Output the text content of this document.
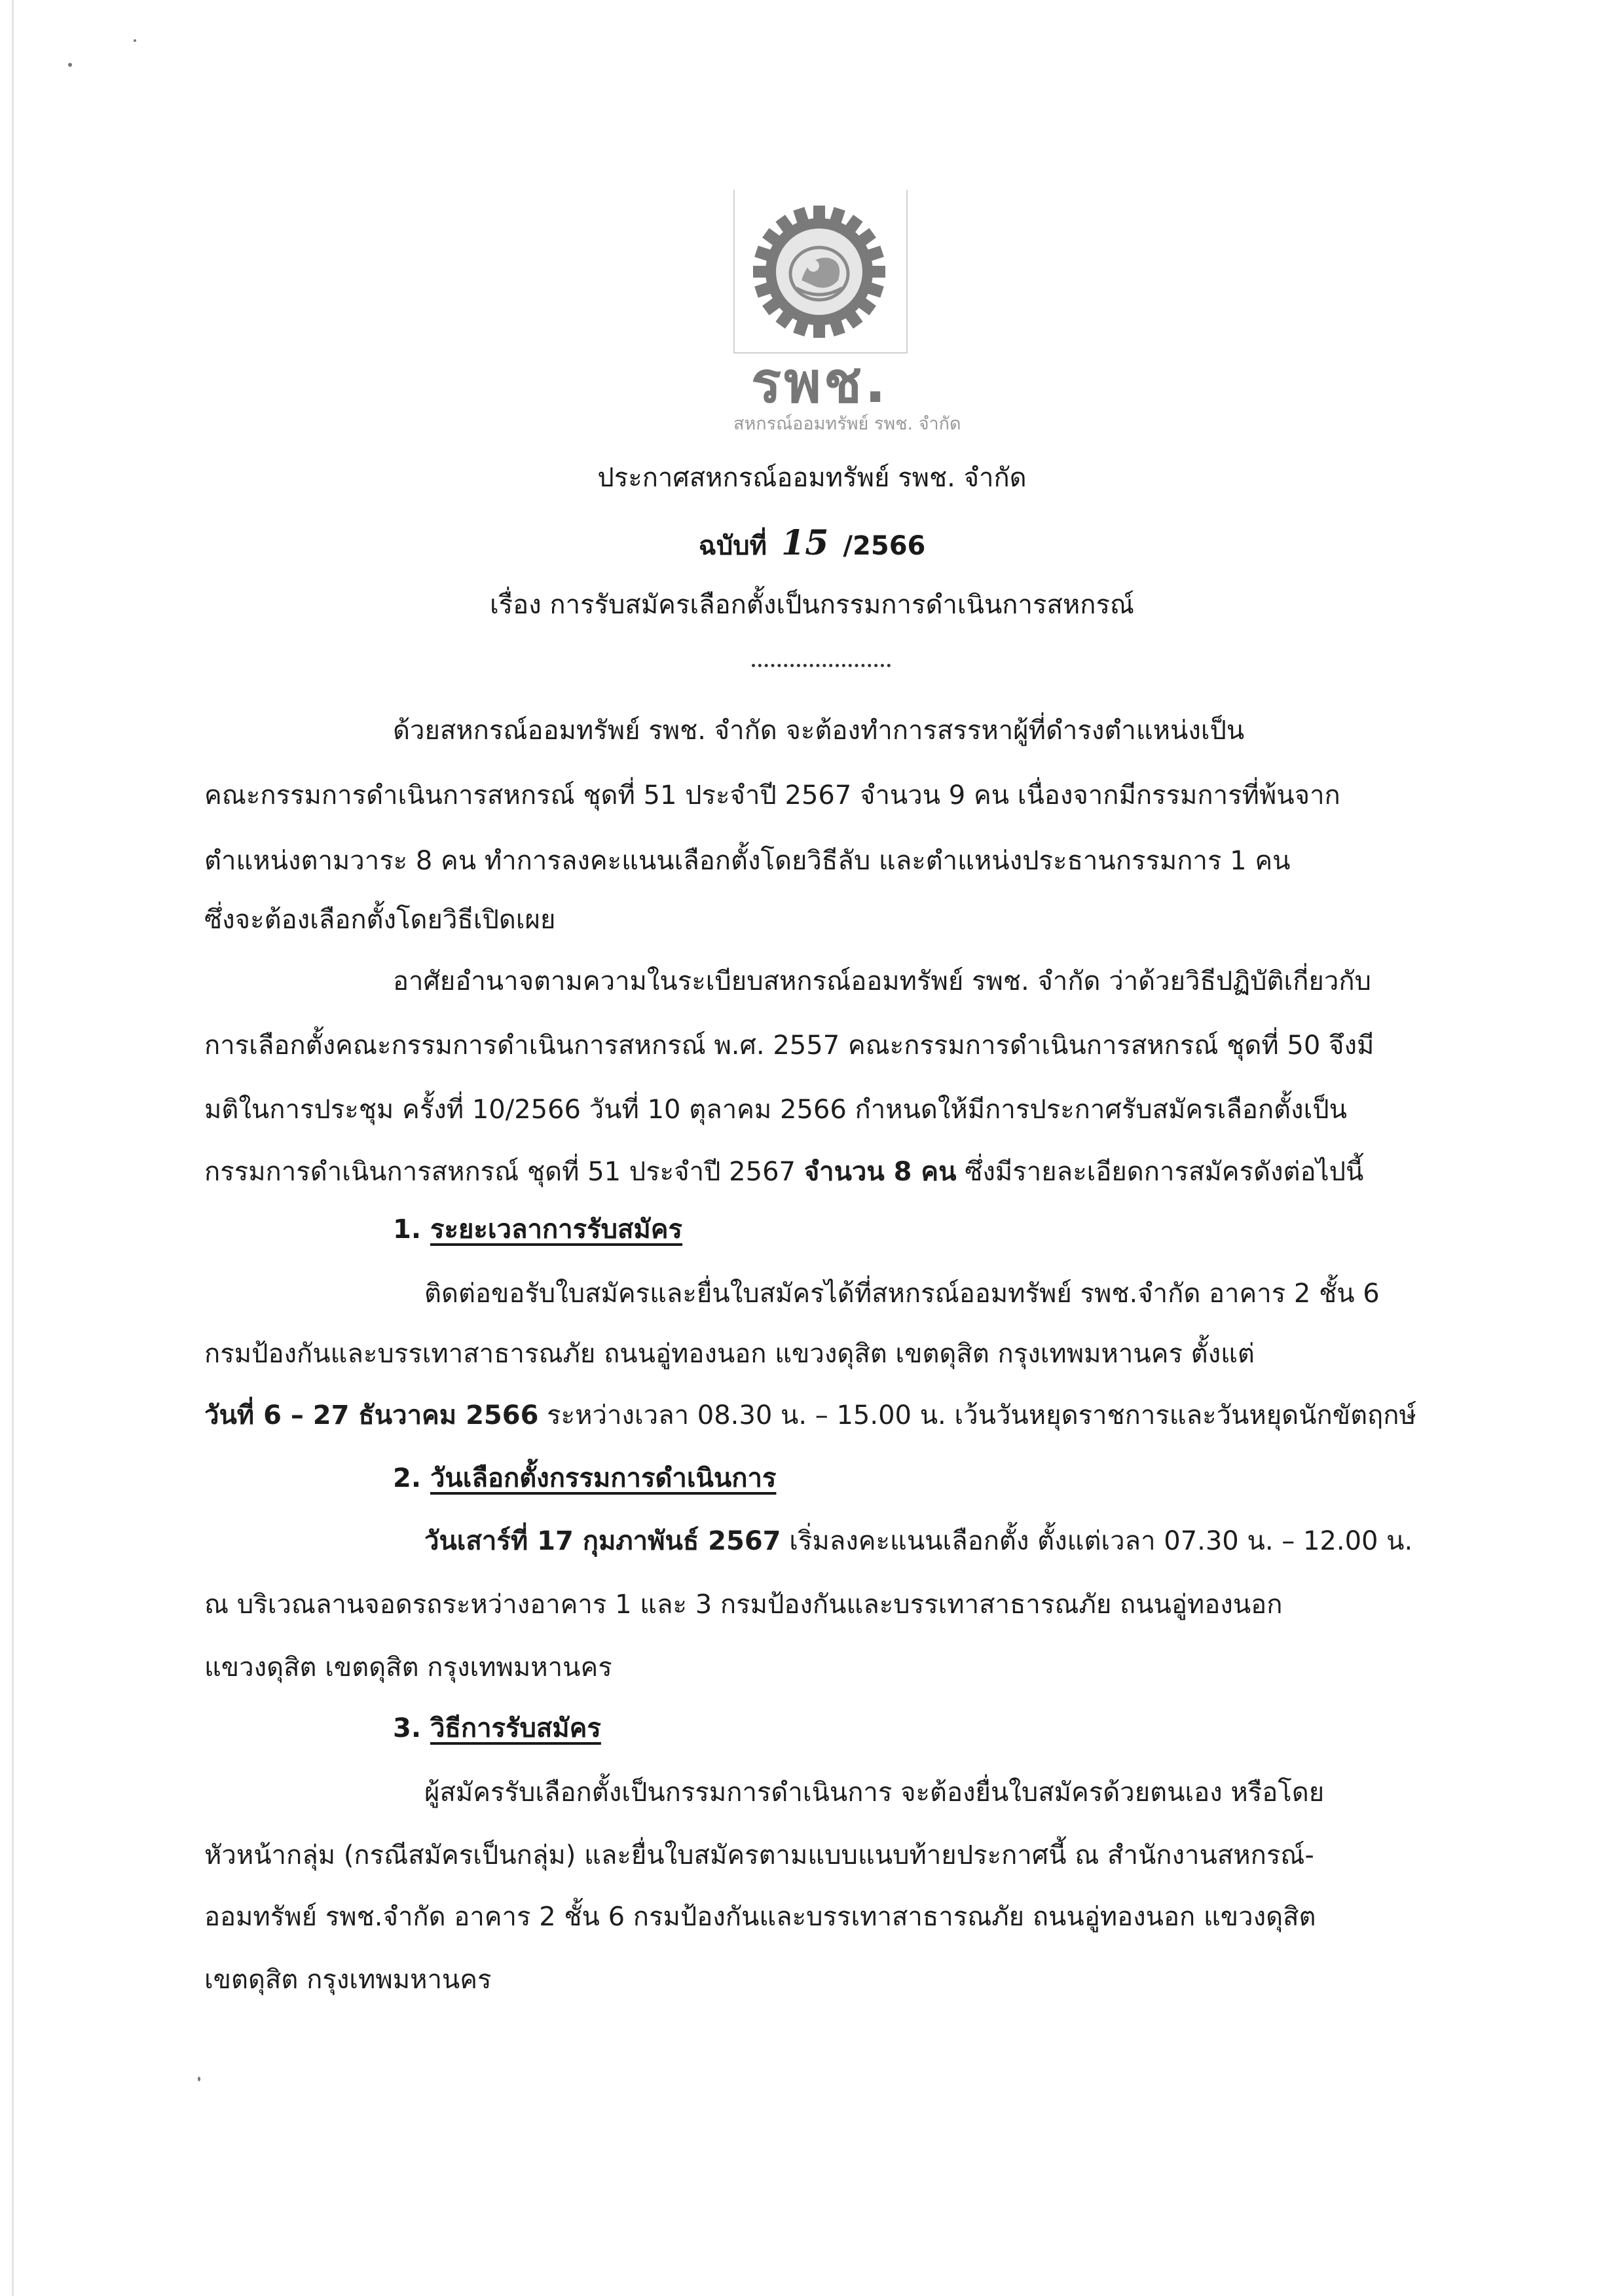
รพช.
สหกรณ์ออมทรัพย์ รพช. จำกัด
ประกาศสหกรณ์ออมทรัพย์ รพช. จำกัด
ฉบับที่ 15 /2566
เรื่อง การรับสมัครเลือกตั้งเป็นกรรมการดำเนินการสหกรณ์
ด้วยสหกรณ์ออมทรัพย์ รพช. จำกัด จะต้องทำการสรรหาผู้ที่ดำรงตำแหน่งเป็น
คณะกรรมการดำเนินการสหกรณ์ ชุดที่ 51 ประจำปี 2567 จำนวน 9 คน เนื่องจากมีกรรมการที่พ้นจาก
ตำแหน่งตามวาระ 8 คน ทำการลงคะแนนเลือกตั้งโดยวิธีลับ และตำแหน่งประธานกรรมการ 1 คน
ซึ่งจะต้องเลือกตั้งโดยวิธีเปิดเผย
อาศัยอำนาจตามความในระเบียบสหกรณ์ออมทรัพย์ รพช. จำกัด ว่าด้วยวิธีปฏิบัติเกี่ยวกับ
การเลือกตั้งคณะกรรมการดำเนินการสหกรณ์ พ.ศ. 2557 คณะกรรมการดำเนินการสหกรณ์ ชุดที่ 50 จึงมี
มติในการประชุม ครั้งที่ 10/2566 วันที่ 10 ตุลาคม 2566 กำหนดให้มีการประกาศรับสมัครเลือกตั้งเป็น
กรรมการดำเนินการสหกรณ์ ชุดที่ 51 ประจำปี 2567 จำนวน 8 คน ซึ่งมีรายละเอียดการสมัครดังต่อไปนี้
1. ระยะเวลาการรับสมัคร
ติดต่อขอรับใบสมัครและยื่นใบสมัครได้ที่สหกรณ์ออมทรัพย์ รพช.จำกัด อาคาร 2 ชั้น 6
กรมป้องกันและบรรเทาสาธารณภัย ถนนอู่ทองนอก แขวงดุสิต เขตดุสิต กรุงเทพมหานคร ตั้งแต่
วันที่ 6 – 27 ธันวาคม 2566 ระหว่างเวลา 08.30 น. – 15.00 น. เว้นวันหยุดราชการและวันหยุดนักขัตฤกษ์
2. วันเลือกตั้งกรรมการดำเนินการ
วันเสาร์ที่ 17 กุมภาพันธ์ 2567 เริ่มลงคะแนนเลือกตั้ง ตั้งแต่เวลา 07.30 น. – 12.00 น.
ณ บริเวณลานจอดรถระหว่างอาคาร 1 และ 3 กรมป้องกันและบรรเทาสาธารณภัย ถนนอู่ทองนอก
แขวงดุสิต เขตดุสิต กรุงเทพมหานคร
3. วิธีการรับสมัคร
ผู้สมัครรับเลือกตั้งเป็นกรรมการดำเนินการ จะต้องยื่นใบสมัครด้วยตนเอง หรือโดย
หัวหน้ากลุ่ม (กรณีสมัครเป็นกลุ่ม) และยื่นใบสมัครตามแบบแนบท้ายประกาศนี้ ณ สำนักงานสหกรณ์-
ออมทรัพย์ รพช.จำกัด อาคาร 2 ชั้น 6 กรมป้องกันและบรรเทาสาธารณภัย ถนนอู่ทองนอก แขวงดุสิต
เขตดุสิต กรุงเทพมหานคร
